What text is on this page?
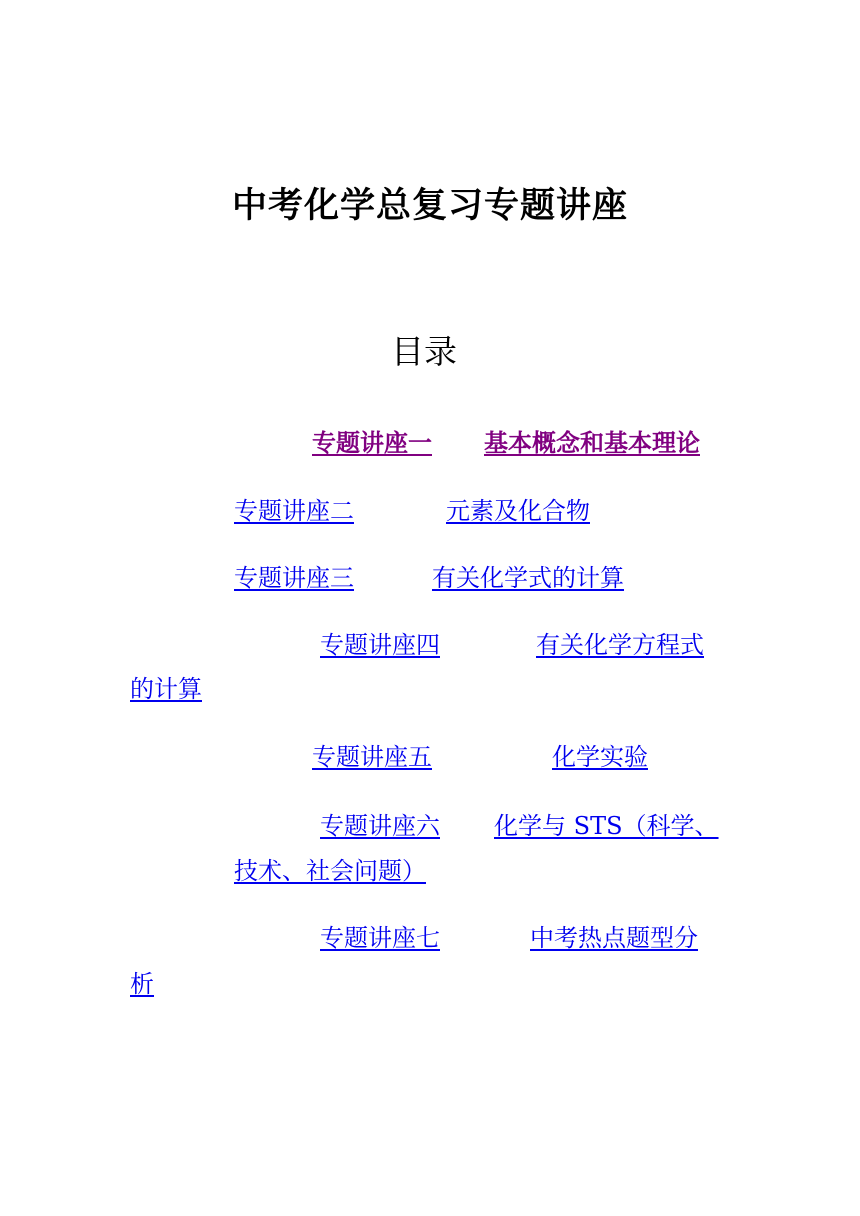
中考化学总复习专题讲座
目录
专题讲座一 基本概念和基本理论
专题讲座二	元素及化合物
专题讲座三	有关化学式的计算
专题讲座四	有关化学方程式
的计算
专题讲座五	化学实验
专题讲座六 化学与 STS（科学、
技术、社会问题）
专题讲座七	中考热点题型分
析
